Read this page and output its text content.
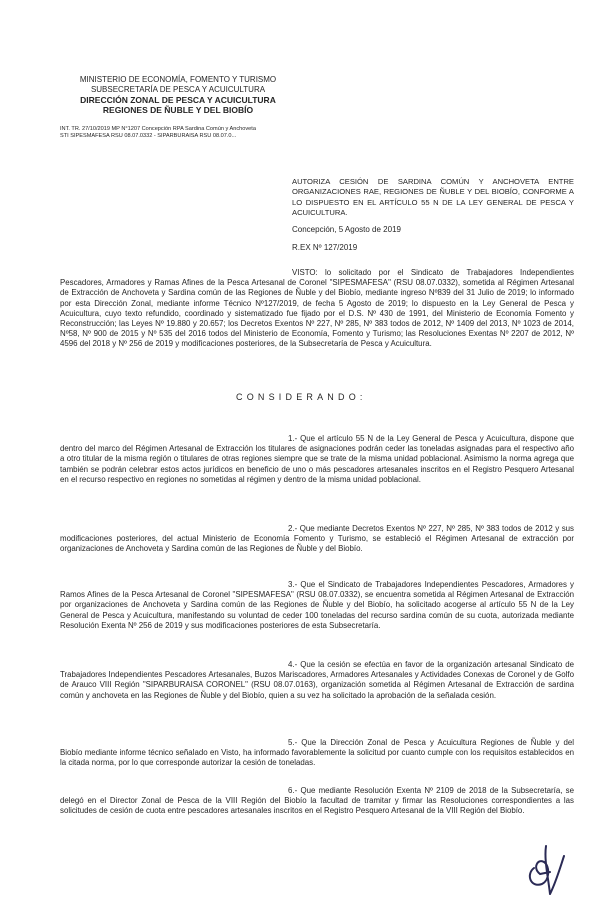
MINISTERIO DE ECONOMÍA, FOMENTO Y TURISMO
SUBSECRETARÍA DE PESCA Y ACUICULTURA
DIRECCIÓN ZONAL DE PESCA Y ACUICULTURA
REGIONES DE ÑUBLE Y DEL BIOBÍO
INT. TR. 27/10/2019 MP N°1207 Concepción RPA Sardina Común y Anchoveta
STI SIPESMAFESA RSU 08.07.0332 - SIPARBURAISA RSU 08.07.0...
AUTORIZA CESIÓN DE SARDINA COMÚN Y ANCHOVETA ENTRE ORGANIZACIONES RAE, REGIONES DE ÑUBLE Y DEL BIOBÍO, CONFORME A LO DISPUESTO EN EL ARTÍCULO 55 N DE LA LEY GENERAL DE PESCA Y ACUICULTURA.
Concepción, 5 Agosto de 2019
R.EX Nº 127/2019

VISTO: lo solicitado por el Sindicato de Trabajadores Independientes Pescadores, Armadores y Ramas Afines de la Pesca Artesanal de Coronel "SIPESMAFESA" (RSU 08.07.0332), sometida al Régimen Artesanal de Extracción de Anchoveta y Sardina común de las Regiones de Ñuble y del Biobío, mediante ingreso Nº839 del 31 Julio de 2019; lo informado por esta Dirección Zonal, mediante informe Técnico Nº127/2019, de fecha 5 Agosto de 2019; lo dispuesto en la Ley General de Pesca y Acuicultura, cuyo texto refundido, coordinado y sistematizado fue fijado por el D.S. Nº 430 de 1991, del Ministerio de Economía Fomento y Reconstrucción; las Leyes Nº 19.880 y 20.657; los Decretos Exentos Nº 227, Nº 285, Nº 383 todos de 2012, Nº 1409 del 2013, Nº 1023 de 2014, Nº58, Nº 900 de 2015 y Nº 535 del 2016 todos del Ministerio de Economía, Fomento y Turismo; las Resoluciones Exentas Nº 2207 de 2012, Nº 4596 del 2018 y Nº 256 de 2019 y modificaciones posteriores, de la Subsecretaría de Pesca y Acuicultura.

CONSIDERANDO:

1.- Que el artículo 55 N de la Ley General de Pesca y Acuicultura, dispone que dentro del marco del Régimen Artesanal de Extracción los titulares de asignaciones podrán ceder las toneladas asignadas para el respectivo año a otro titular de la misma región o titulares de otras regiones siempre que se trate de la misma unidad poblacional. Asimismo la norma agrega que también se podrán celebrar estos actos jurídicos en beneficio de uno o más pescadores artesanales inscritos en el Registro Pesquero Artesanal en el recurso respectivo en regiones no sometidas al régimen y dentro de la misma unidad poblacional.

2.- Que mediante Decretos Exentos Nº 227, Nº 285, Nº 383 todos de 2012 y sus modificaciones posteriores, del actual Ministerio de Economía Fomento y Turismo, se estableció el Régimen Artesanal de extracción por organizaciones de Anchoveta y Sardina común de las Regiones de Ñuble y del Biobío.

3.- Que el Sindicato de Trabajadores Independientes Pescadores, Armadores y Ramos Afines de la Pesca Artesanal de Coronel "SIPESMAFESA" (RSU 08.07.0332), se encuentra sometida al Régimen Artesanal de Extracción por organizaciones de Anchoveta y Sardina común de las Regiones de Ñuble y del Biobío, ha solicitado acogerse al artículo 55 N de la Ley General de Pesca y Acuicultura, manifestando su voluntad de ceder 100 toneladas del recurso sardina común de su cuota, autorizada mediante Resolución Exenta Nº 256 de 2019 y sus modificaciones posteriores de esta Subsecretaría.

4.- Que la cesión se efectúa en favor de la organización artesanal Sindicato de Trabajadores Independientes Pescadores Artesanales, Buzos Mariscadores, Armadores Artesanales y Actividades Conexas de Coronel y de Golfo de Arauco VIII Región "SIPARBURAISA CORONEL" (RSU 08.07.0163), organización sometida al Régimen Artesanal de Extracción de sardina común y anchoveta en las Regiones de Ñuble y del Biobío, quien a su vez ha solicitado la aprobación de la señalada cesión.

5.- Que la Dirección Zonal de Pesca y Acuicultura Regiones de Ñuble y del Biobío mediante informe técnico señalado en Visto, ha informado favorablemente la solicitud por cuanto cumple con los requisitos establecidos en la citada norma, por lo que corresponde autorizar la cesión de toneladas.

6.- Que mediante Resolución Exenta Nº 2109 de 2018 de la Subsecretaría, se delegó en el Director Zonal de Pesca de la VIII Región del Biobío la facultad de tramitar y firmar las Resoluciones correspondientes a las solicitudes de cesión de cuota entre pescadores artesanales inscritos en el Registro Pesquero Artesanal de la VIII Región del Biobío.
